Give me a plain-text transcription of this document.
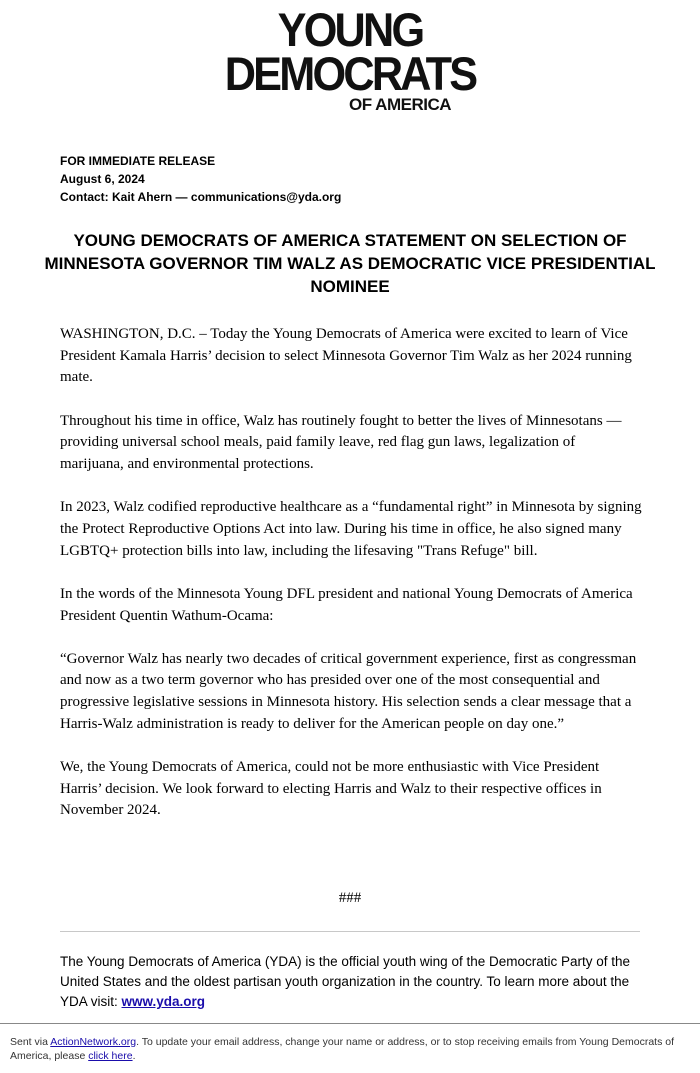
YOUNG
DEMOCRATS
OF AMERICA
FOR IMMEDIATE RELEASE
August 6, 2024
Contact: Kait Ahern — communications@yda.org
YOUNG DEMOCRATS OF AMERICA STATEMENT ON SELECTION OF MINNESOTA GOVERNOR TIM WALZ AS DEMOCRATIC VICE PRESIDENTIAL NOMINEE

WASHINGTON, D.C. – Today the Young Democrats of America were excited to learn of Vice President Kamala Harris’ decision to select Minnesota Governor Tim Walz as her 2024 running mate.

Throughout his time in office, Walz has routinely fought to better the lives of Minnesotans — providing universal school meals, paid family leave, red flag gun laws, legalization of marijuana, and environmental protections.

In 2023, Walz codified reproductive healthcare as a “fundamental right” in Minnesota by signing the Protect Reproductive Options Act into law. During his time in office, he also signed many LGBTQ+ protection bills into law, including the lifesaving "Trans Refuge" bill.

In the words of the Minnesota Young DFL president and national Young Democrats of America President Quentin Wathum-Ocama:

“Governor Walz has nearly two decades of critical government experience, first as congressman and now as a two term governor who has presided over one of the most consequential and progressive legislative sessions in Minnesota history. His selection sends a clear message that a Harris-Walz administration is ready to deliver for the American people on day one.”

We, the Young Democrats of America, could not be more enthusiastic with Vice President Harris’ decision. We look forward to electing Harris and Walz to their respective offices in November 2024.

###
The Young Democrats of America (YDA) is the official youth wing of the Democratic Party of the United States and the oldest partisan youth organization in the country. To learn more about the YDA visit: www.yda.org
Sent via ActionNetwork.org. To update your email address, change your name or address, or to stop receiving emails from Young Democrats of America, please click here.
